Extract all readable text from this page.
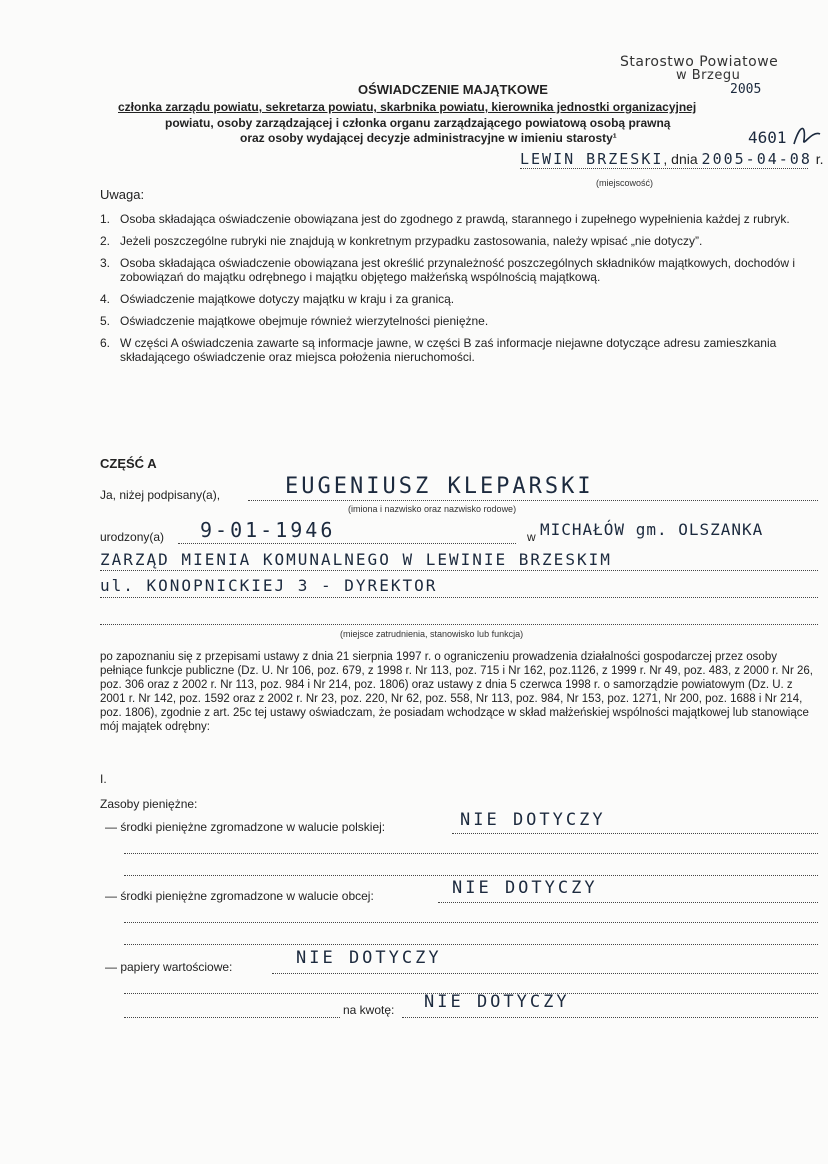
Starostwo Powiatowe
w Brzegu
2005
4601
OŚWIADCZENIE MAJĄTKOWE
członka zarządu powiatu, sekretarza powiatu, skarbnika powiatu, kierownika jednostki organizacyjnej
powiatu, osoby zarządzającej i członka organu zarządzającego powiatową osobą prawną
oraz osoby wydającej decyzje administracyjne w imieniu starosty¹
LEWIN BRZESKI, dnia 2005-04-08 r.
(miejscowość)
Uwaga:
1. Osoba składająca oświadczenie obowiązana jest do zgodnego z prawdą, starannego i zupełnego wypełnienia każdej z rubryk.
2. Jeżeli poszczególne rubryki nie znajdują w konkretnym przypadku zastosowania, należy wpisać „nie dotyczy”.
3. Osoba składająca oświadczenie obowiązana jest określić przynależność poszczególnych składników majątkowych, dochodów i zobowiązań do majątku odrębnego i majątku objętego małżeńską wspólnością majątkową.
4. Oświadczenie majątkowe dotyczy majątku w kraju i za granicą.
5. Oświadczenie majątkowe obejmuje również wierzytelności pieniężne.
6. W części A oświadczenia zawarte są informacje jawne, w części B zaś informacje niejawne dotyczące adresu zamieszkania składającego oświadczenie oraz miejsca położenia nieruchomości.
CZĘŚĆ A
Ja, niżej podpisany(a),	EUGENIUSZ KLEPARSKI
(imiona i nazwisko oraz nazwisko rodowe)
urodzony(a) 9-01-1946	w MICHAŁÓW gm. OLSZANKA
ZARZĄD MIENIA KOMUNALNEGO W LEWINIE BRZESKIM
ul. KONOPNICKIEJ 3 - DYREKTOR
(miejsce zatrudnienia, stanowisko lub funkcja)
po zapoznaniu się z przepisami ustawy z dnia 21 sierpnia 1997 r. o ograniczeniu prowadzenia działalności gospodarczej przez osoby pełniące funkcje publiczne (Dz. U. Nr 106, poz. 679, z 1998 r. Nr 113, poz. 715 i Nr 162, poz.1126, z 1999 r. Nr 49, poz. 483, z 2000 r. Nr 26, poz. 306 oraz z 2002 r. Nr 113, poz. 984 i Nr 214, poz. 1806) oraz ustawy z dnia 5 czerwca 1998 r. o samorządzie powiatowym (Dz. U. z 2001 r. Nr 142, poz. 1592 oraz z 2002 r. Nr 23, poz. 220, Nr 62, poz. 558, Nr 113, poz. 984, Nr 153, poz. 1271, Nr 200, poz. 1688 i Nr 214, poz. 1806), zgodnie z art. 25c tej ustawy oświadczam, że posiadam wchodzące w skład małżeńskiej wspólności majątkowej lub stanowiące mój majątek odrębny:
I.
Zasoby pieniężne:
— środki pieniężne zgromadzone w walucie polskiej:	NIE DOTYCZY
— środki pieniężne zgromadzone w walucie obcej:	NIE DOTYCZY
— papiery wartościowe:	NIE DOTYCZY
na kwotę: NIE DOTYCZY
